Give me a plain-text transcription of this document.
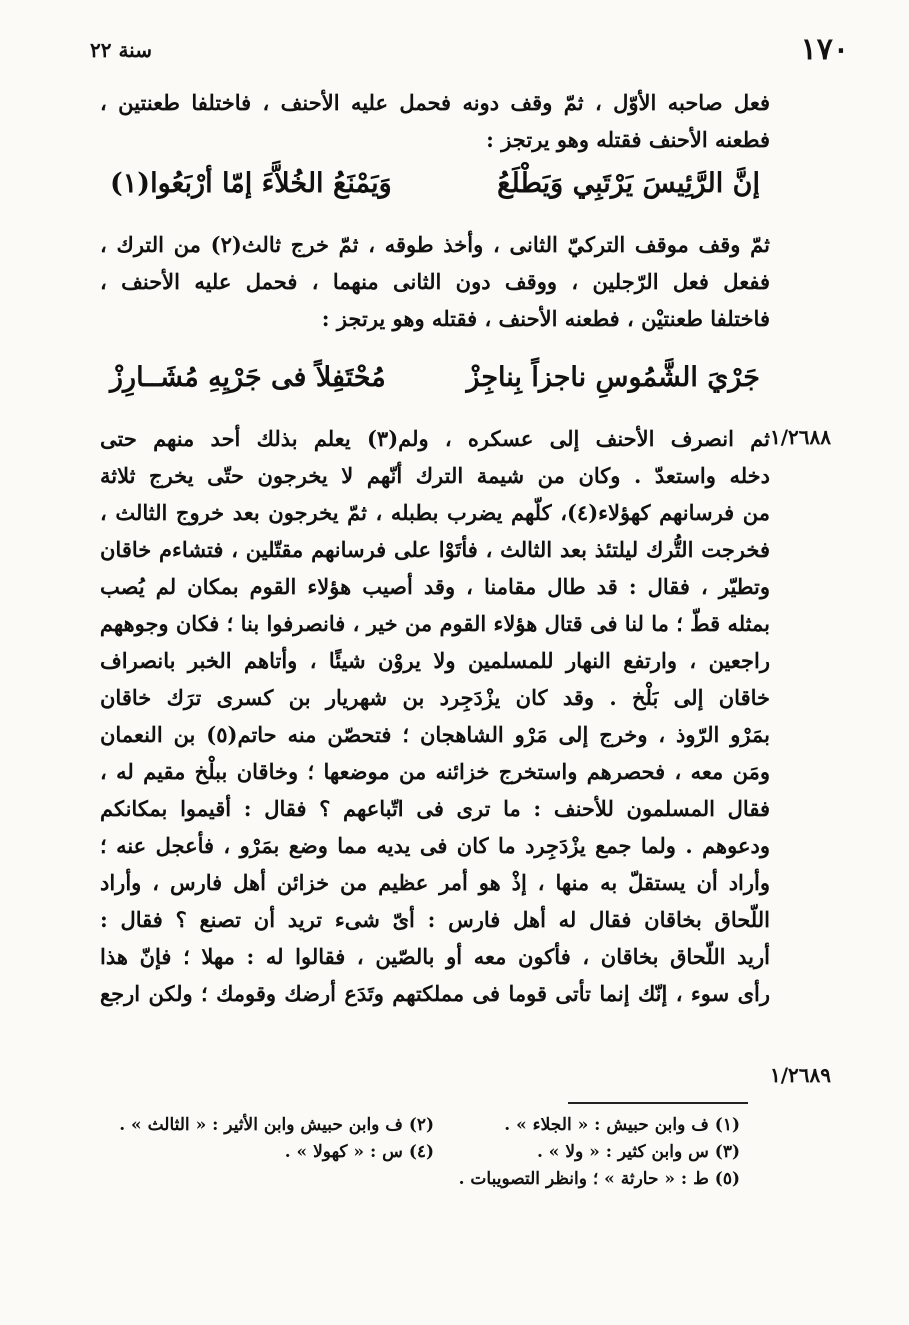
١٧٠
سنة ٢٢
فعل صاحبه الأوّل ، ثمّ وقف دونه فحمل عليه الأحنف ، فاختلفا طعنتين ،
فطعنه الأحنف فقتله وهو يرتجز :
إنَّ الرَّئِيسَ يَرْتَبِي وَيَطْلَعُ
وَيَمْنَعُ الخُلاَّءَ إمّا أرْبَعُوا(١)
ثمّ وقف موقف التركيّ الثانى ، وأخذ طوقه ، ثمّ خرج ثالث(٢) من الترك ،
ففعل فعل الرّجلين ، ووقف دون الثانى منهما ، فحمل عليه الأحنف ،
فاختلفا طعنتيْن ، فطعنه الأحنف ، فقتله وهو يرتجز :
جَرْيَ الشَّمُوسِ ناجزاً بِناجِزْ
مُحْتَفِلاً فى جَرْيِهِ مُشَــارِزْ
١/٢٦٨٨
١/٢٦٨٩
ثم انصرف الأحنف إلى عسكره ، ولم(٣) يعلم بذلك أحد منهم حتى
دخله واستعدّ . وكان من شيمة الترك أنّهم لا يخرجون حتّى يخرج ثلاثة
من فرسانهم كهؤلاء(٤)، كلّهم يضرب بطبله ، ثمّ يخرجون بعد خروج الثالث ،
فخرجت التُّرك ليلتئذ بعد الثالث ، فأتَوْا على فرسانهم مقتّلين ، فتشاءم خاقان
وتطيّر ، فقال : قد طال مقامنا ، وقد أصيب هؤلاء القوم بمكان لم يُصب
بمثله قطّ ؛ ما لنا فى قتال هؤلاء القوم من خير ، فانصرفوا بنا ؛ فكان وجوههم
راجعين ، وارتفع النهار للمسلمين ولا يروْن شيئًا ، وأتاهم الخبر بانصراف
خاقان إلى بَلْخ . وقد كان يزْدَجِرد بن شهريار بن كسرى ترَك خاقان
بمَرْو الرّوذ ، وخرج إلى مَرْو الشاهجان ؛ فتحصّن منه حاتم(٥) بن النعمان
ومَن معه ، فحصرهم واستخرج خزائنه من موضعها ؛ وخاقان ببلْخ مقيم له ،
فقال المسلمون للأحنف : ما ترى فى اتّباعهم ؟ فقال : أقيموا بمكانكم
ودعوهم . ولما جمع يزْدَجِرد ما كان فى يديه مما وضع بمَرْو ، فأعجل عنه ؛
وأراد أن يستقلّ به منها ، إذْ هو أمر عظيم من خزائن أهل فارس ، وأراد
اللّحاق بخاقان فقال له أهل فارس : أىّ شىء تريد أن تصنع ؟ فقال :
أريد اللّحاق بخاقان ، فأكون معه أو بالصّين ، فقالوا له : مهلا ؛ فإنّ هذا
رأى سوء ، إنّك إنما تأتى قوما فى مملكتهم وتَدَع أرضك وقومك ؛ ولكن ارجع
(١) ف وابن حبيش : « الجلاء » . (٢) ف وابن حبيش وابن الأثير : « الثالث » .
(٣) س وابن كثير : « ولا » . (٤) س : « كهولا » .
(٥) ط : « حارثة » ؛ وانظر التصويبات .
